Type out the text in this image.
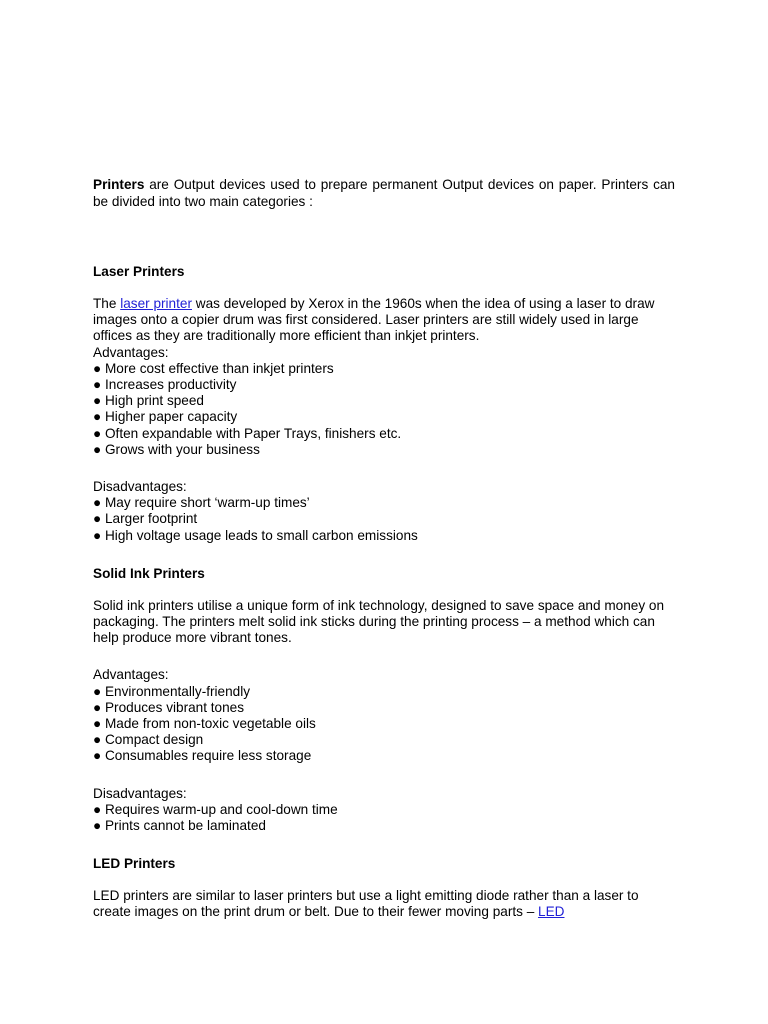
Printers are Output devices used to prepare permanent Output devices on paper. Printers can be divided into two main categories :

Laser Printers

The laser printer was developed by Xerox in the 1960s when the idea of using a laser to draw images onto a copier drum was first considered. Laser printers are still widely used in large offices as they are traditionally more efficient than inkjet printers.

Advantages:

● More cost effective than inkjet printers
● Increases productivity
● High print speed
● Higher paper capacity
● Often expandable with Paper Trays, finishers etc.
● Grows with your business

Disadvantages:

● May require short ‘warm-up times’
● Larger footprint
● High voltage usage leads to small carbon emissions
Solid Ink Printers

Solid ink printers utilise a unique form of ink technology, designed to save space and money on packaging. The printers melt solid ink sticks during the printing process – a method which can help produce more vibrant tones.

Advantages:

● Environmentally-friendly
● Produces vibrant tones
● Made from non-toxic vegetable oils
● Compact design
● Consumables require less storage

Disadvantages:

● Requires warm-up and cool-down time
● Prints cannot be laminated
LED Printers

LED printers are similar to laser printers but use a light emitting diode rather than a laser to create images on the print drum or belt. Due to their fewer moving parts – LED
